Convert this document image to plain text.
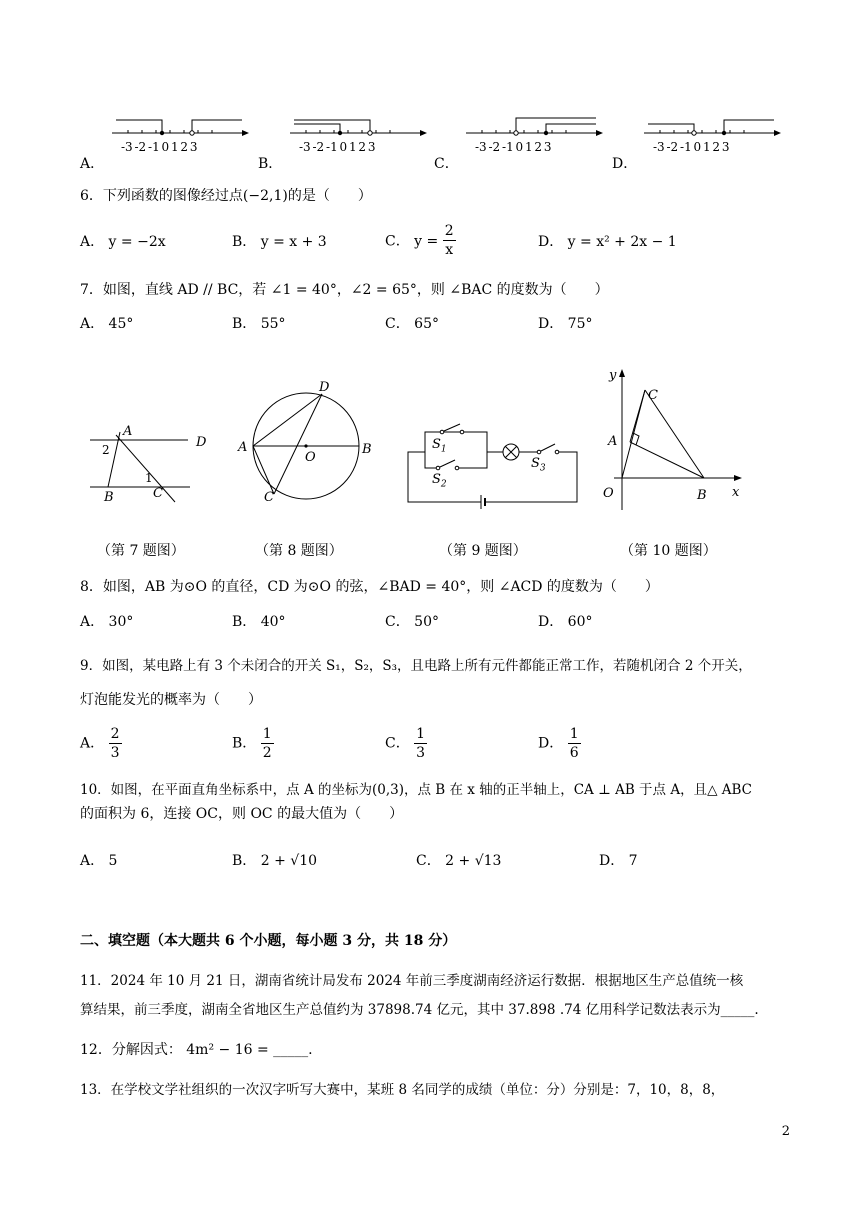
-3 -2 -1 0 1 2 3
A．
-3 -2 -1 0 1 2 3
B．
-3 -2 -1 0 1 2 3
C．
-3 -2 -1 0 1 2 3
D．
6．下列函数的图像经过点(−2,1)的是（　　）
A． y = −2x	B． y = x + 3	C． $y = \frac{2}{x}$	D． y = x² + 2x − 1
7．如图，直线 AD // BC，若 ∠1 = 40°，∠2 = 65°，则 ∠BAC 的度数为（　　）
A． 45°	B． 55°	C． 65°	D． 75°
A
D
2
1
B	C
D
A
O
B
C
$S_1$
$S_2$
$S_3$
y
C
A
O	B x
（第 7 题图）	（第 8 题图）	（第 9 题图）	（第 10 题图）
8．如图，AB 为⊙O 的直径，CD 为⊙O 的弦，∠BAD = 40°，则 ∠ACD 的度数为（　　）
A． 30°	B． 40°	C． 50°	D． 60°
9．如图，某电路上有 3 个未闭合的开关 S₁，S₂，S₃，且电路上所有元件都能正常工作，若随机闭合 2 个开关，
灯泡能发光的概率为（　　）
A． $\frac{2}{3}$	B． $\frac{1}{2}$	C． $\frac{1}{3}$	D． $\frac{1}{6}$
10．如图，在平面直角坐标系中，点 A 的坐标为(0,3)，点 B 在 x 轴的正半轴上，CA ⊥ AB 于点 A，且△ ABC
的面积为 6，连接 OC，则 OC 的最大值为（　　）
A． 5	B． 2 + √10	C． 2 + √13	D． 7
二、填空题（本大题共 6 个小题，每小题 3 分，共 18 分）
11．2024 年 10 月 21 日，湖南省统计局发布 2024 年前三季度湖南经济运行数据．根据地区生产总值统一核
算结果，前三季度，湖南全省地区生产总值约为 37898.74 亿元，其中 37.898 .74 亿用科学记数法表示为_____.
12．分解因式： 4m² − 16 = _____.
13．在学校文学社组织的一次汉字听写大赛中，某班 8 名同学的成绩（单位：分）分别是：7，10，8，8，
2
